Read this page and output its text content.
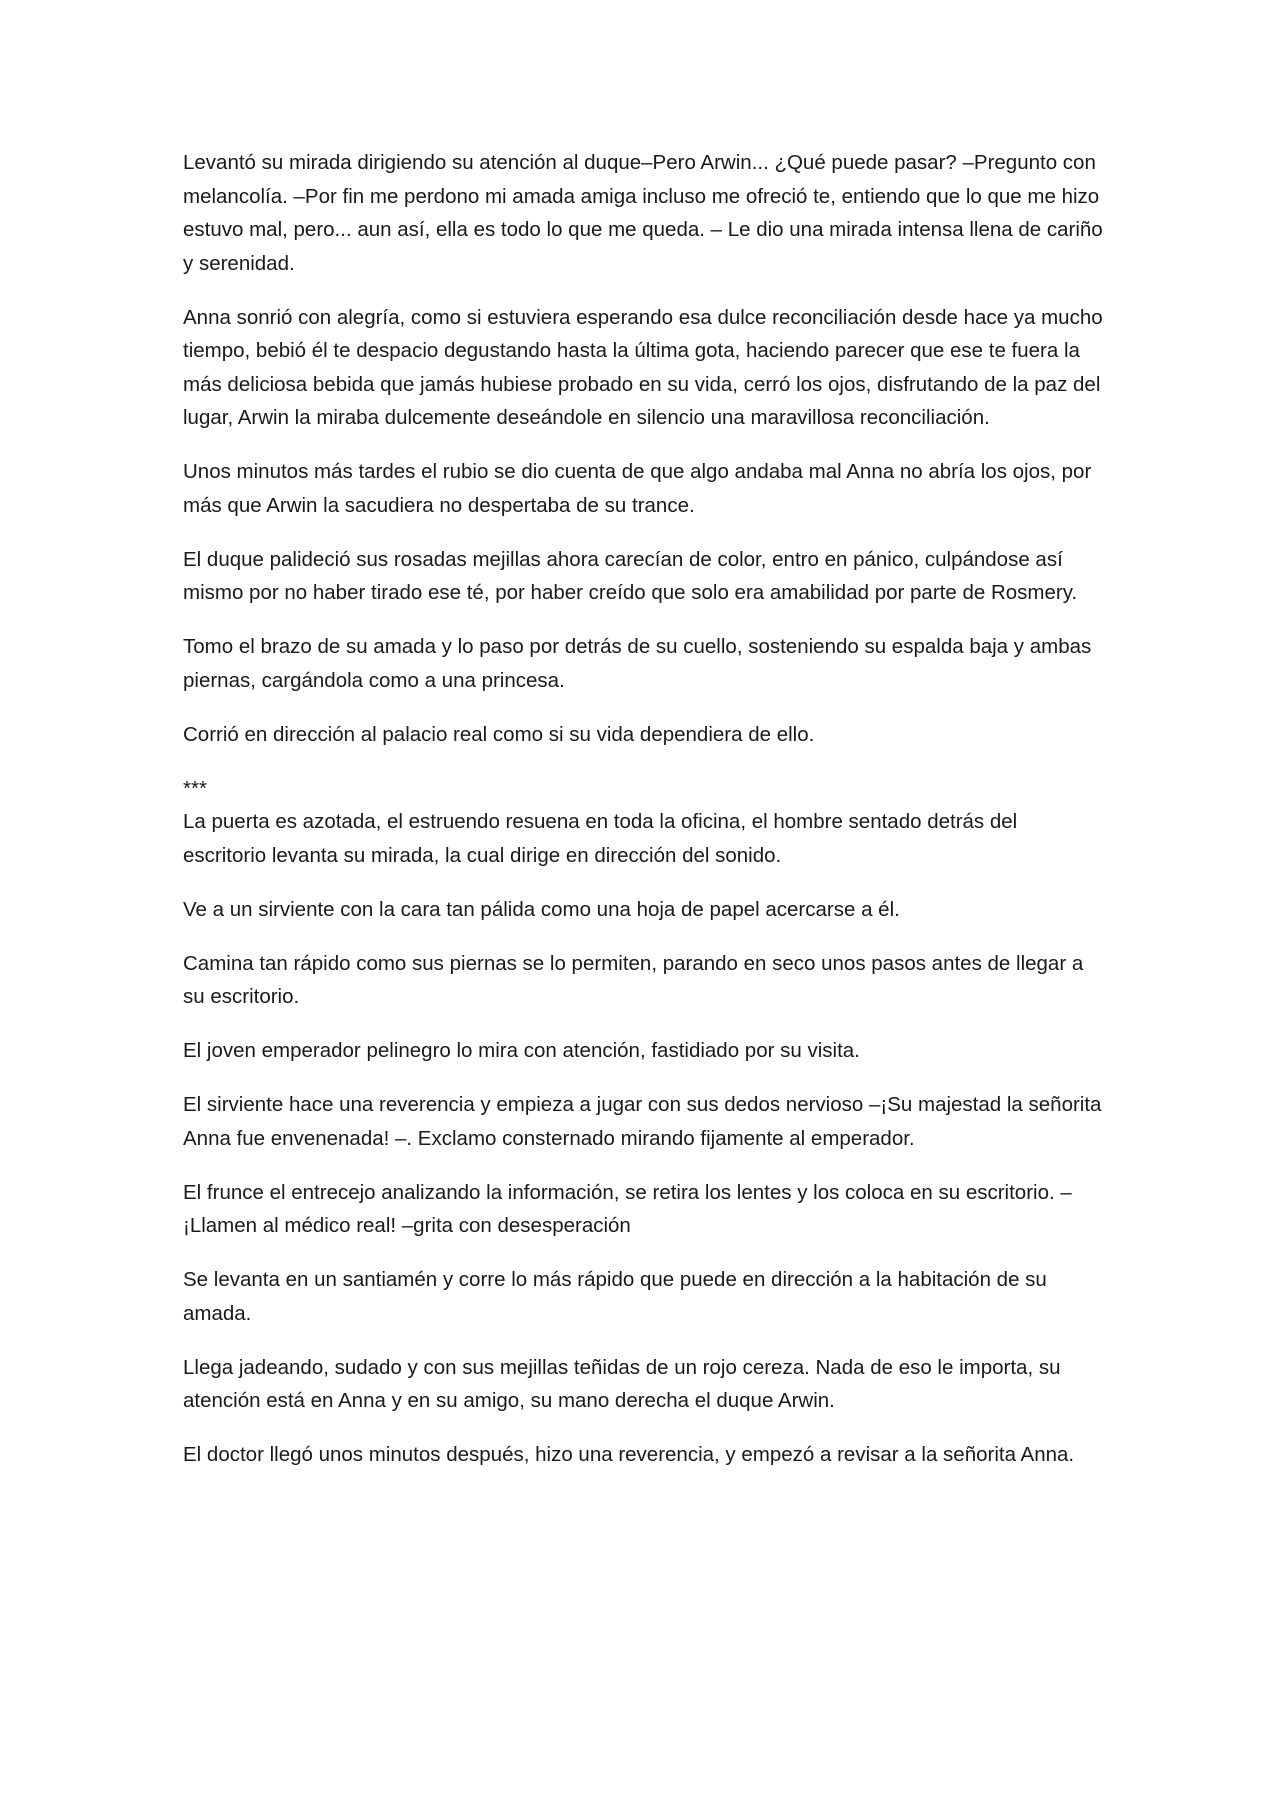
Levantó su mirada dirigiendo su atención al duque–Pero Arwin... ¿Qué puede pasar? –Pregunto con melancolía. –Por fin me perdono mi amada amiga incluso me ofreció te, entiendo que lo que me hizo estuvo mal, pero... aun así, ella es todo lo que me queda. – Le dio una mirada intensa llena de cariño y serenidad.

Anna sonrió con alegría, como si estuviera esperando esa dulce reconciliación desde hace ya mucho tiempo, bebió él te despacio degustando hasta la última gota, haciendo parecer que ese te fuera la más deliciosa bebida que jamás hubiese probado en su vida, cerró los ojos, disfrutando de la paz del lugar, Arwin la miraba dulcemente deseándole en silencio una maravillosa reconciliación.

Unos minutos más tardes el rubio se dio cuenta de que algo andaba mal Anna no abría los ojos, por más que Arwin la sacudiera no despertaba de su trance.

El duque palideció sus rosadas mejillas ahora carecían de color, entro en pánico, culpándose así mismo por no haber tirado ese té, por haber creído que solo era amabilidad por parte de Rosmery.

Tomo el brazo de su amada y lo paso por detrás de su cuello, sosteniendo su espalda baja y ambas piernas, cargándola como a una princesa.

Corrió en dirección al palacio real como si su vida dependiera de ello.

***

La puerta es azotada, el estruendo resuena en toda la oficina, el hombre sentado detrás del escritorio levanta su mirada, la cual dirige en dirección del sonido.

Ve a un sirviente con la cara tan pálida como una hoja de papel acercarse a él.

Camina tan rápido como sus piernas se lo permiten, parando en seco unos pasos antes de llegar a su escritorio.

El joven emperador pelinegro lo mira con atención, fastidiado por su visita.

El sirviente hace una reverencia y empieza a jugar con sus dedos nervioso –¡Su majestad la señorita Anna fue envenenada! –. Exclamo consternado mirando fijamente al emperador.

El frunce el entrecejo analizando la información, se retira los lentes y los coloca en su escritorio. –¡Llamen al médico real! –grita con desesperación

Se levanta en un santiamén y corre lo más rápido que puede en dirección a la habitación de su amada.

Llega jadeando, sudado y con sus mejillas teñidas de un rojo cereza. Nada de eso le importa, su atención está en Anna y en su amigo, su mano derecha el duque Arwin.

El doctor llegó unos minutos después, hizo una reverencia, y empezó a revisar a la señorita Anna.
